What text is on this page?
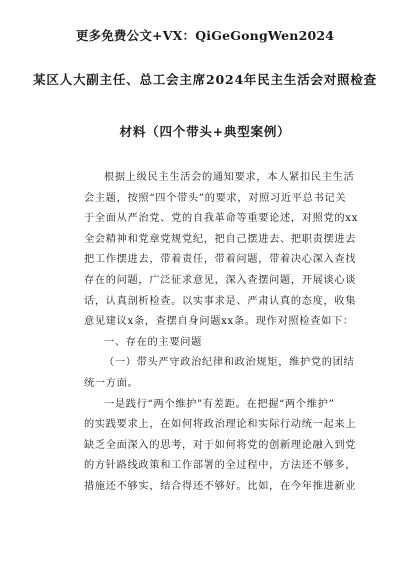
更多免费公文+VX：QiGeGongWen2024
某区人大副主任、总工会主席2024年民主生活会对照检查
材料（四个带头+典型案例）

根据上级民主生活会的通知要求，本人紧扣民主生活

会主题，按照“四个带头”的要求，对照习近平总书记关

于全面从严治党、党的自我革命等重要论述，对照党的xx

全会精神和党章党规党纪，把自己摆进去、把职责摆进去

把工作摆进去，带着责任，带着问题，带着决心深入查找

存在的问题，广泛征求意见，深入查摆问题，开展谈心谈

话，认真剖析检查。以实事求是、严肃认真的态度，收集

意见建议x条，查摆自身问题xx条。现作对照检查如下：

一、存在的主要问题

（一）带头严守政治纪律和政治规矩，维护党的团结

统一方面。

一是践行“两个维护”有差距。在把握“两个维护”

的实践要求上，在如何将政治理论和实际行动统一起来上

缺乏全面深入的思考，对于如何将党的创新理论融入到党

的方针路线政策和工作部署的全过程中，方法还不够多，

措施还不够实，结合得还不够好。比如，在今年推进新业
